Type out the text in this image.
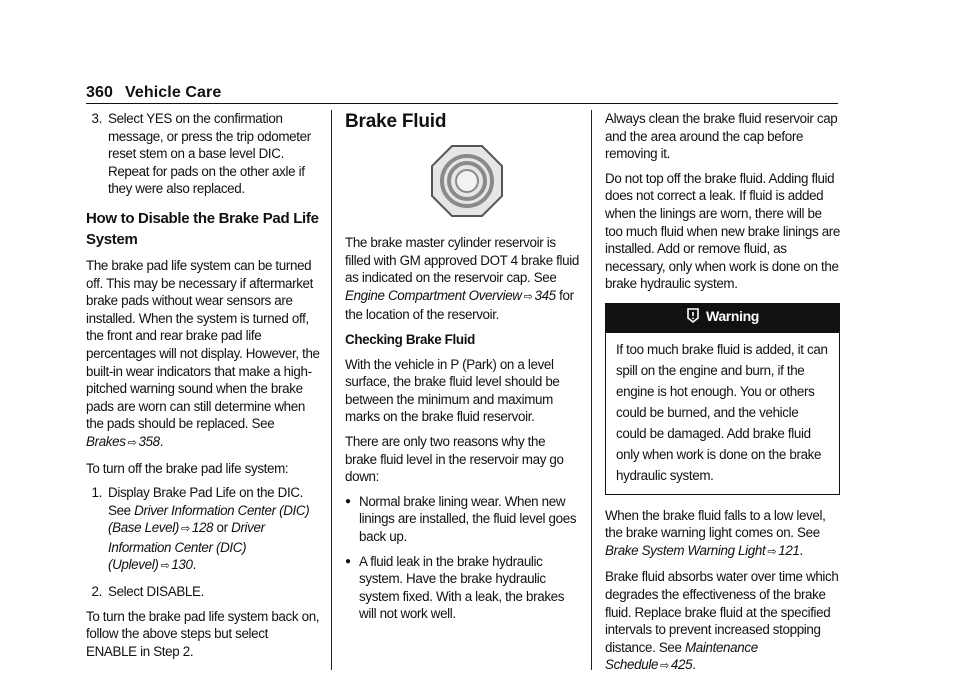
360 Vehicle Care
3. Select YES on the confirmation message, or press the trip odometer reset stem on a base level DIC. Repeat for pads on the other axle if they were also replaced.
How to Disable the Brake Pad Life System

The brake pad life system can be turned off. This may be necessary if aftermarket brake pads without wear sensors are installed. When the system is turned off, the front and rear brake pad life percentages will not display. However, the built-in wear indicators that make a high-pitched warning sound when the brake pads are worn can still determine when the pads should be replaced. See Brakes ⇨ 358.

To turn off the brake pad life system:

1. Display Brake Pad Life on the DIC. See Driver Information Center (DIC) (Base Level) ⇨ 128 or Driver Information Center (DIC) (Uplevel) ⇨ 130.
2. Select DISABLE.

To turn the brake pad life system back on, follow the above steps but select ENABLE in Step 2.

Brake Fluid

The brake master cylinder reservoir is filled with GM approved DOT 4 brake fluid as indicated on the reservoir cap. See Engine Compartment Overview ⇨ 345 for the location of the reservoir.

Checking Brake Fluid

With the vehicle in P (Park) on a level surface, the brake fluid level should be between the minimum and maximum marks on the brake fluid reservoir.

There are only two reasons why the brake fluid level in the reservoir may go down:

● Normal brake lining wear. When new linings are installed, the fluid level goes back up.
● A fluid leak in the brake hydraulic system. Have the brake hydraulic system fixed. With a leak, the brakes will not work well.

Always clean the brake fluid reservoir cap and the area around the cap before removing it.

Do not top off the brake fluid. Adding fluid does not correct a leak. If fluid is added when the linings are worn, there will be too much fluid when new brake linings are installed. Add or remove fluid, as necessary, only when work is done on the brake hydraulic system.

Warning
If too much brake fluid is added, it can spill on the engine and burn, if the engine is hot enough. You or others could be burned, and the vehicle could be damaged. Add brake fluid only when work is done on the brake hydraulic system.

When the brake fluid falls to a low level, the brake warning light comes on. See Brake System Warning Light ⇨ 121.

Brake fluid absorbs water over time which degrades the effectiveness of the brake fluid. Replace brake fluid at the specified intervals to prevent increased stopping distance. See Maintenance Schedule ⇨ 425.
